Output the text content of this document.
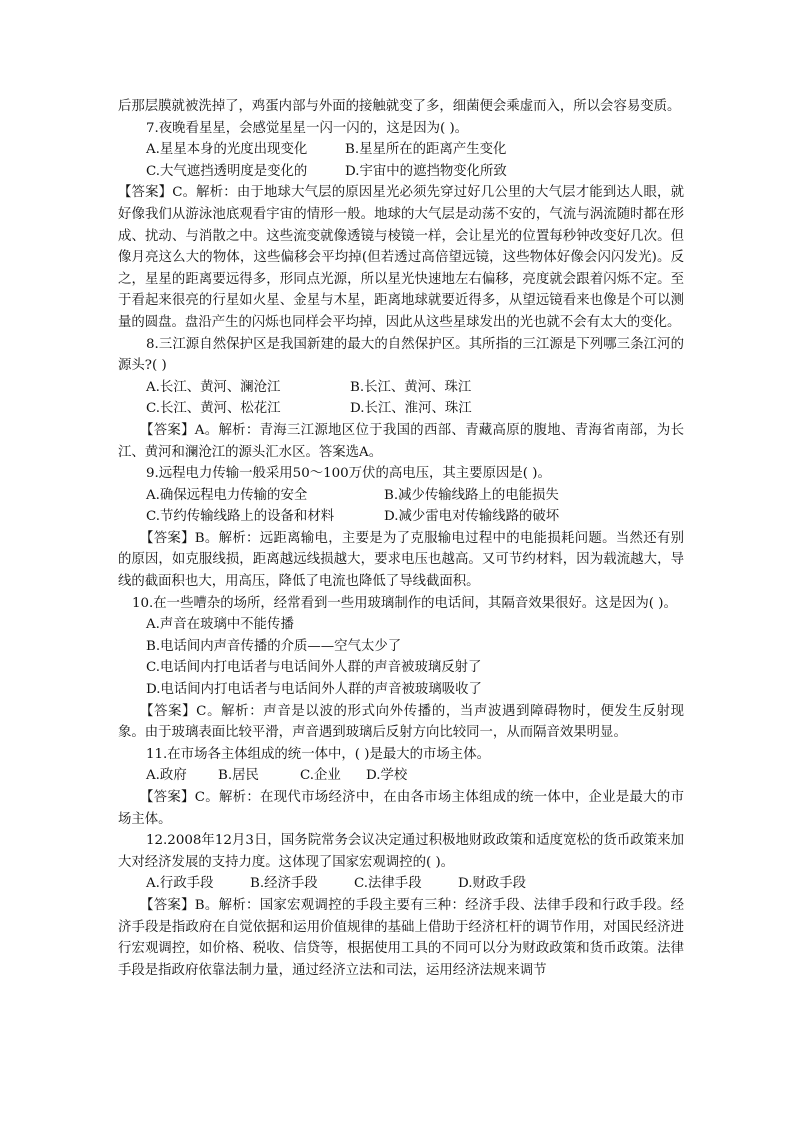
后那层膜就被洗掉了，鸡蛋内部与外面的接触就变了多，细菌便会乘虚而入，所以会容易变质。

7.夜晚看星星，会感觉星星一闪一闪的，这是因为( )。

A.星星本身的光度出现变化	B.星星所在的距离产生变化
C.大气遮挡透明度是变化的	D.宇宙中的遮挡物变化所致

【答案】C。解析：由于地球大气层的原因星光必须先穿过好几公里的大气层才能到达人眼，就好像我们从游泳池底观看宇宙的情形一般。地球的大气层是动荡不安的，气流与涡流随时都在形成、扰动、与消散之中。这些流变就像透镜与棱镜一样，会让星光的位置每秒钟改变好几次。但像月亮这么大的物体，这些偏移会平均掉(但若透过高倍望远镜，这些物体好像会闪闪发光)。反之，星星的距离要远得多，形同点光源，所以星光快速地左右偏移，亮度就会跟着闪烁不定。至于看起来很亮的行星如火星、金星与木星，距离地球就要近得多，从望远镜看来也像是个可以测量的圆盘。盘沿产生的闪烁也同样会平均掉，因此从这些星球发出的光也就不会有太大的变化。

8.三江源自然保护区是我国新建的最大的自然保护区。其所指的三江源是下列哪三条江河的源头?( )

A.长江、黄河、澜沧江	B.长江、黄河、珠江
C.长江、黄河、松花江	D.长江、淮河、珠江

【答案】A。解析：青海三江源地区位于我国的西部、青藏高原的腹地、青海省南部，为长江、黄河和澜沧江的源头汇水区。答案选A。

9.远程电力传输一般采用50～100万伏的高电压，其主要原因是( )。

A.确保远程电力传输的安全	B.减少传输线路上的电能损失
C.节约传输线路上的设备和材料	D.减少雷电对传输线路的破坏

【答案】B。解析：远距离输电，主要是为了克服输电过程中的电能损耗问题。当然还有别的原因，如克服线损，距离越远线损越大，要求电压也越高。又可节约材料，因为载流越大，导线的截面积也大，用高压，降低了电流也降低了导线截面积。

10.在一些嘈杂的场所，经常看到一些用玻璃制作的电话间，其隔音效果很好。这是因为( )。

A.声音在玻璃中不能传播

B.电话间内声音传播的介质——空气太少了

C.电话间内打电话者与电话间外人群的声音被玻璃反射了

D.电话间内打电话者与电话间外人群的声音被玻璃吸收了

【答案】C。解析：声音是以波的形式向外传播的，当声波遇到障碍物时，便发生反射现象。由于玻璃表面比较平滑，声音遇到玻璃后反射方向比较同一，从而隔音效果明显。

11.在市场各主体组成的统一体中，( )是最大的市场主体。

A.政府	B.居民	C.企业	D.学校

【答案】C。解析：在现代市场经济中，在由各市场主体组成的统一体中，企业是最大的市场主体。

12.2008年12月3日，国务院常务会议决定通过积极地财政政策和适度宽松的货币政策来加大对经济发展的支持力度。这体现了国家宏观调控的( )。

A.行政手段	B.经济手段	C.法律手段	D.财政手段

【答案】B。解析：国家宏观调控的手段主要有三种：经济手段、法律手段和行政手段。经济手段是指政府在自觉依据和运用价值规律的基础上借助于经济杠杆的调节作用，对国民经济进行宏观调控，如价格、税收、信贷等，根据使用工具的不同可以分为财政政策和货币政策。法律手段是指政府依靠法制力量，通过经济立法和司法，运用经济法规来调节
